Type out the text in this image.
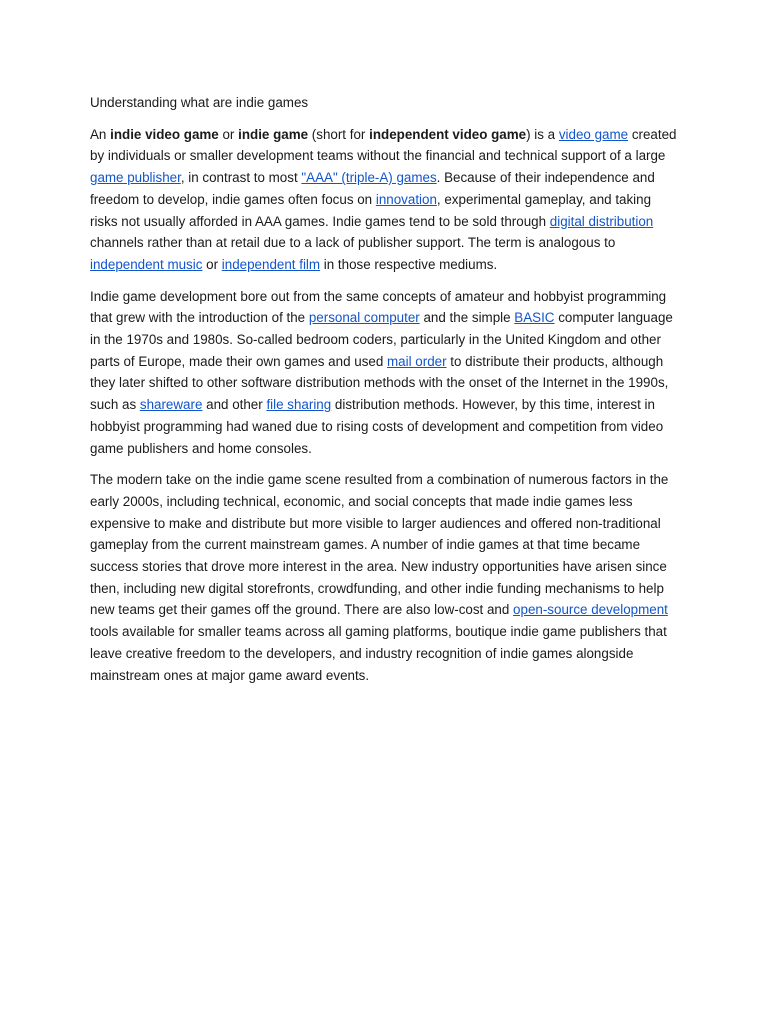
Understanding what are indie games

An indie video game or indie game (short for independent video game) is a video game created by individuals or smaller development teams without the financial and technical support of a large game publisher, in contrast to most "AAA" (triple-A) games. Because of their independence and freedom to develop, indie games often focus on innovation, experimental gameplay, and taking risks not usually afforded in AAA games. Indie games tend to be sold through digital distribution channels rather than at retail due to a lack of publisher support. The term is analogous to independent music or independent film in those respective mediums.

Indie game development bore out from the same concepts of amateur and hobbyist programming that grew with the introduction of the personal computer and the simple BASIC computer language in the 1970s and 1980s. So-called bedroom coders, particularly in the United Kingdom and other parts of Europe, made their own games and used mail order to distribute their products, although they later shifted to other software distribution methods with the onset of the Internet in the 1990s, such as shareware and other file sharing distribution methods. However, by this time, interest in hobbyist programming had waned due to rising costs of development and competition from video game publishers and home consoles.

The modern take on the indie game scene resulted from a combination of numerous factors in the early 2000s, including technical, economic, and social concepts that made indie games less expensive to make and distribute but more visible to larger audiences and offered non-traditional gameplay from the current mainstream games. A number of indie games at that time became success stories that drove more interest in the area. New industry opportunities have arisen since then, including new digital storefronts, crowdfunding, and other indie funding mechanisms to help new teams get their games off the ground. There are also low-cost and open-source development tools available for smaller teams across all gaming platforms, boutique indie game publishers that leave creative freedom to the developers, and industry recognition of indie games alongside mainstream ones at major game award events.
